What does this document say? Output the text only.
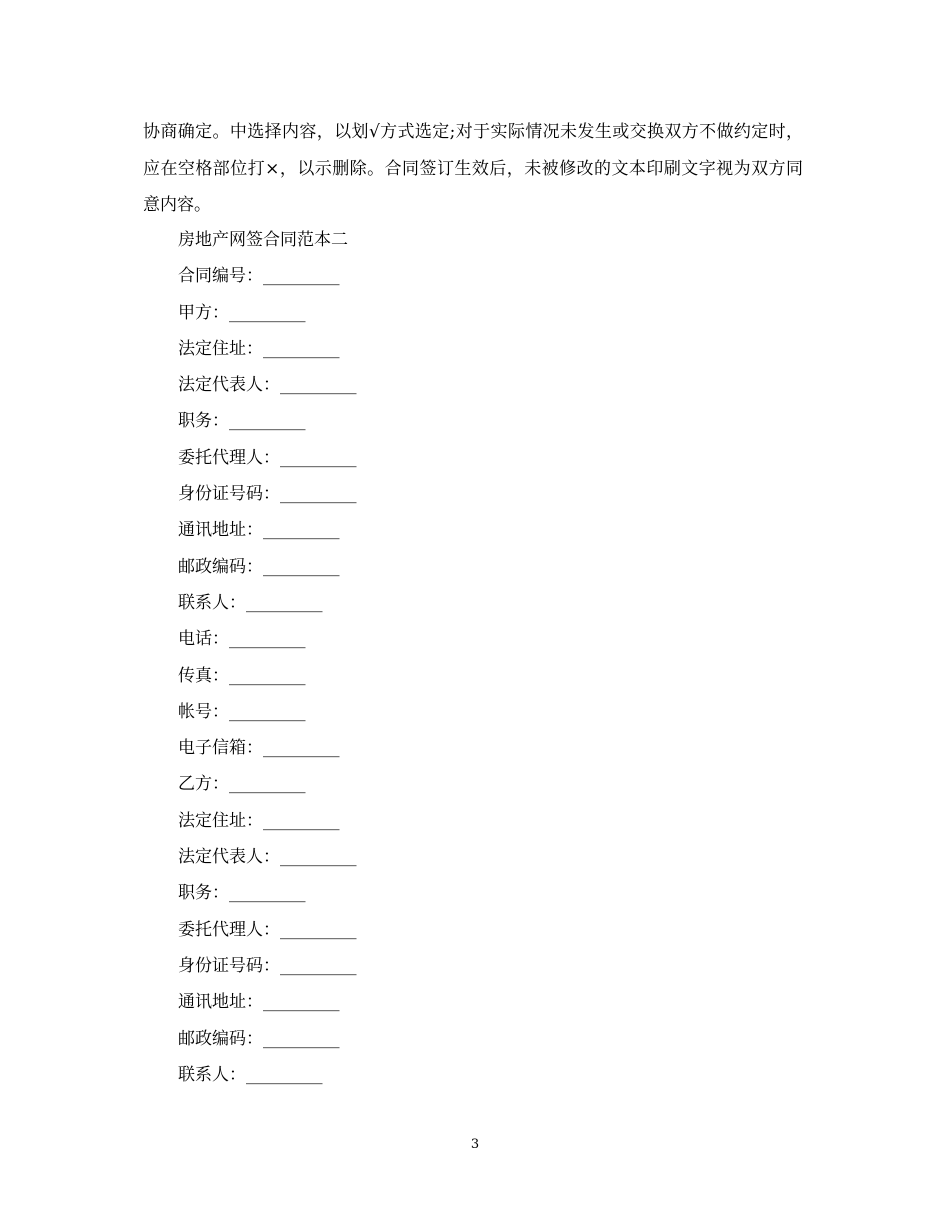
协商确定。中选择内容，以划√方式选定;对于实际情况未发生或交换双方不做约定时，应在空格部位打×，以示删除。合同签订生效后，未被修改的文本印刷文字视为双方同意内容。

房地产网签合同范本二
合同编号：_________
甲方：_________
法定住址：_________
法定代表人：_________
职务：_________
委托代理人：_________
身份证号码：_________
通讯地址：_________
邮政编码：_________
联系人：_________
电话：_________
传真：_________
帐号：_________
电子信箱：_________
乙方：_________
法定住址：_________
法定代表人：_________
职务：_________
委托代理人：_________
身份证号码：_________
通讯地址：_________
邮政编码：_________
联系人：_________
3
